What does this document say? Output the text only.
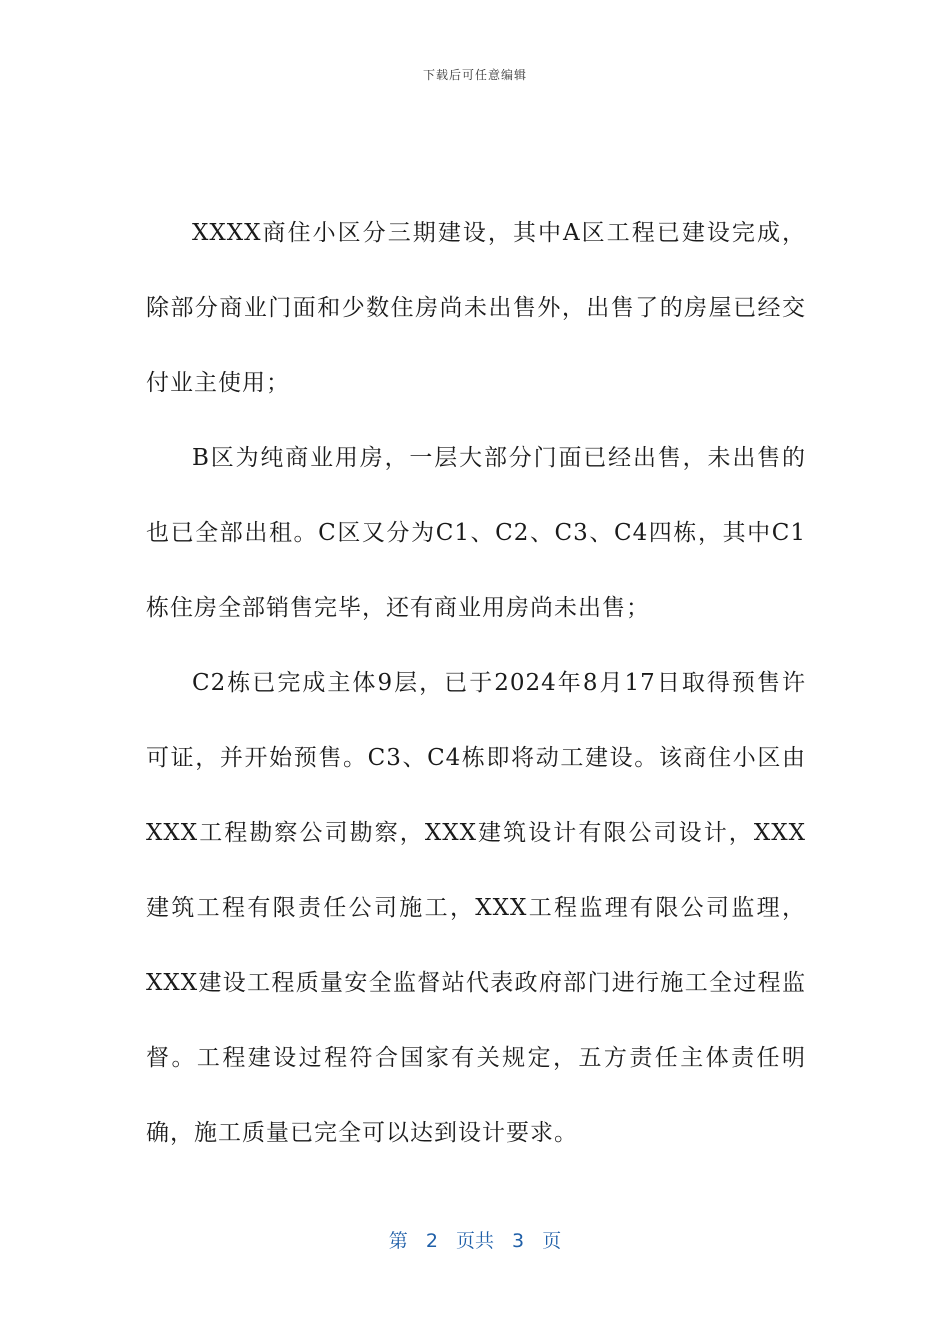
下载后可任意编辑

XXXX商住小区分三期建设，其中A区工程已建设完成，除部分商业门面和少数住房尚未出售外，出售了的房屋已经交付业主使用；

B区为纯商业用房，一层大部分门面已经出售，未出售的也已全部出租。C区又分为C1、C2、C3、C4四栋，其中C1栋住房全部销售完毕，还有商业用房尚未出售；

C2栋已完成主体9层，已于2024年8月17日取得预售许可证，并开始预售。C3、C4栋即将动工建设。该商住小区由XXX工程勘察公司勘察，XXX建筑设计有限公司设计，XXX建筑工程有限责任公司施工，XXX工程监理有限公司监理，XXX建设工程质量安全监督站代表政府部门进行施工全过程监督。工程建设过程符合国家有关规定，五方责任主体责任明确，施工质量已完全可以达到设计要求。

第 2 页共 3 页
